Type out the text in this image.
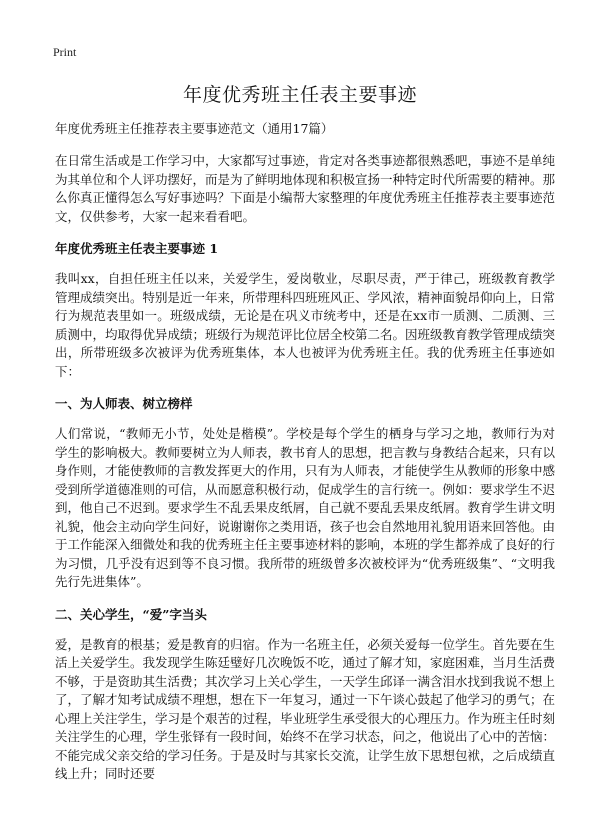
Print
年度优秀班主任表主要事迹

年度优秀班主任推荐表主要事迹范文（通用17篇）

在日常生活或是工作学习中，大家都写过事迹，肯定对各类事迹都很熟悉吧，事迹不是单纯为其单位和个人评功摆好，而是为了鲜明地体现和积极宣扬一种特定时代所需要的精神。那么你真正懂得怎么写好事迹吗？下面是小编帮大家整理的年度优秀班主任推荐表主要事迹范文，仅供参考，大家一起来看看吧。

年度优秀班主任表主要事迹 1

我叫xx，自担任班主任以来，关爱学生，爱岗敬业，尽职尽责，严于律己，班级教育教学管理成绩突出。特别是近一年来，所带理科四班班风正、学风浓，精神面貌昂仰向上，日常行为规范表里如一。班级成绩，无论是在巩义市统考中，还是在xx市一质测、二质测、三质测中，均取得优异成绩；班级行为规范评比位居全校第二名。因班级教育教学管理成绩突出，所带班级多次被评为优秀班集体，本人也被评为优秀班主任。我的优秀班主任事迹如下：

一、为人师表、树立榜样

人们常说，“教师无小节，处处是楷模”。学校是每个学生的栖身与学习之地，教师行为对学生的影响极大。教师要树立为人师表，教书育人的思想，把言教与身教结合起来，只有以身作则，才能使教师的言教发挥更大的作用，只有为人师表，才能使学生从教师的形象中感受到所学道德准则的可信，从而愿意积极行动，促成学生的言行统一。例如：要求学生不迟到，他自己不迟到。要求学生不乱丢果皮纸屑，自己就不要乱丢果皮纸屑。教育学生讲文明礼貌，他会主动向学生问好，说谢谢你之类用语，孩子也会自然地用礼貌用语来回答他。由于工作能深入细微处和我的优秀班主任主要事迹材料的影响，本班的学生都养成了良好的行为习惯，几乎没有迟到等不良习惯。我所带的班级曾多次被校评为“优秀班级集”、“文明我先行先进集体”。

二、关心学生，“爱”字当头

爱，是教育的根基；爱是教育的归宿。作为一名班主任，必须关爱每一位学生。首先要在生活上关爱学生。我发现学生陈廷璧好几次晚饭不吃，通过了解才知，家庭困难，当月生活费不够，于是资助其生活费；其次学习上关心学生，一天学生邱译一满含泪水找到我说不想上了，了解才知考试成绩不理想，想在下一年复习，通过一下午谈心鼓起了他学习的勇气；在心理上关注学生，学习是个艰苦的过程，毕业班学生承受很大的心理压力。作为班主任时刻关注学生的心理，学生张铎有一段时间，始终不在学习状态，问之，他说出了心中的苦恼：不能完成父亲交给的学习任务。于是及时与其家长交流，让学生放下思想包袱，之后成绩直线上升；同时还要
